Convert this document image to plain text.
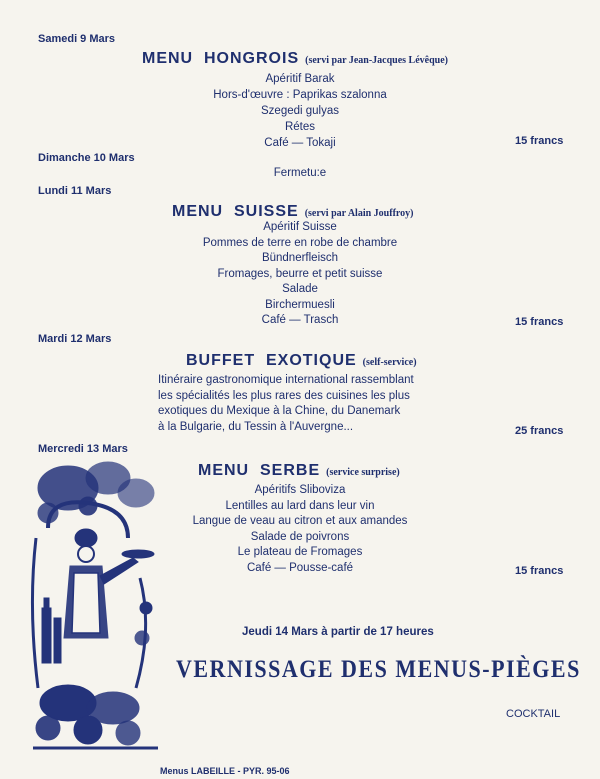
Samedi 9 Mars
MENU  HONGROIS (servi par Jean-Jacques Lévêque)
Apéritif Barak
Hors-d'œuvre : Paprikas szalonna
Szegedi gulyas
Rétes
Café — Tokaji	15 francs
Dimanche 10 Mars
Fermetu:e
Lundi 11 Mars
MENU  SUISSE (servi par Alain Jouffroy)
Apéritif Suisse
Pommes de terre en robe de chambre
Bündnerfleisch
Fromages, beurre et petit suisse
Salade
Birchermuesli
Café — Trasch	15 francs
Mardi 12 Mars
BUFFET  EXOTIQUE (self-service)
Itinéraire gastronomique international rassemblant
les spécialités les plus rares des cuisines les plus
exotiques du Mexique à la Chine, du Danemark
à la Bulgarie, du Tessin à l'Auvergne...	25 francs
Mercredi 13 Mars
MENU  SERBE (service surprise)
Apéritifs Sliboviza
Lentilles au lard dans leur vin
Langue de veau au citron et aux amandes
Salade de poivrons
Le plateau de Fromages
Café — Pousse-café	15 francs
Jeudi 14 Mars à partir de 17 heures
VERNISSAGE DES MENUS-PIÈGES
COCKTAIL
Menus LABEILLE - PYR. 95-06
